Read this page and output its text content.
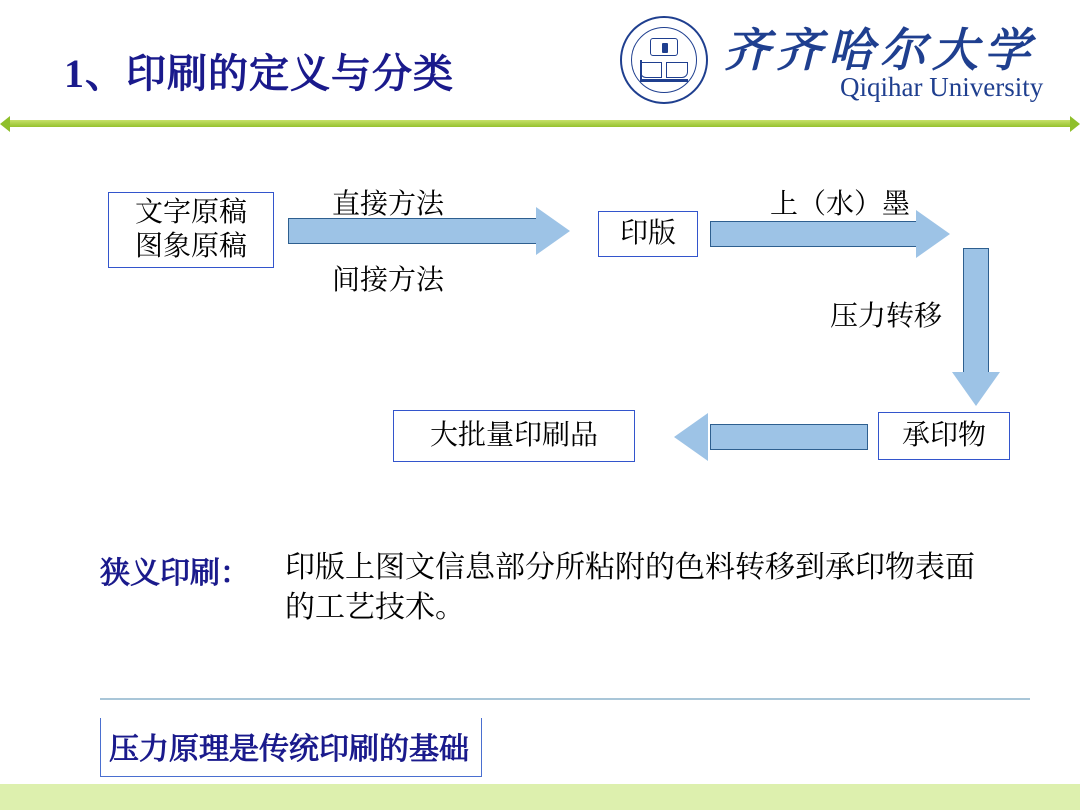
1、印刷的定义与分类	齐齐哈尔大学
Qiqihar University
文字原稿
图象原稿
直接方法
间接方法
印版
上（水）墨
压力转移
承印物
大批量印刷品
狭义印刷： 印版上图文信息部分所粘附的色料转移到承印物表面的工艺技术。
压力原理是传统印刷的基础
